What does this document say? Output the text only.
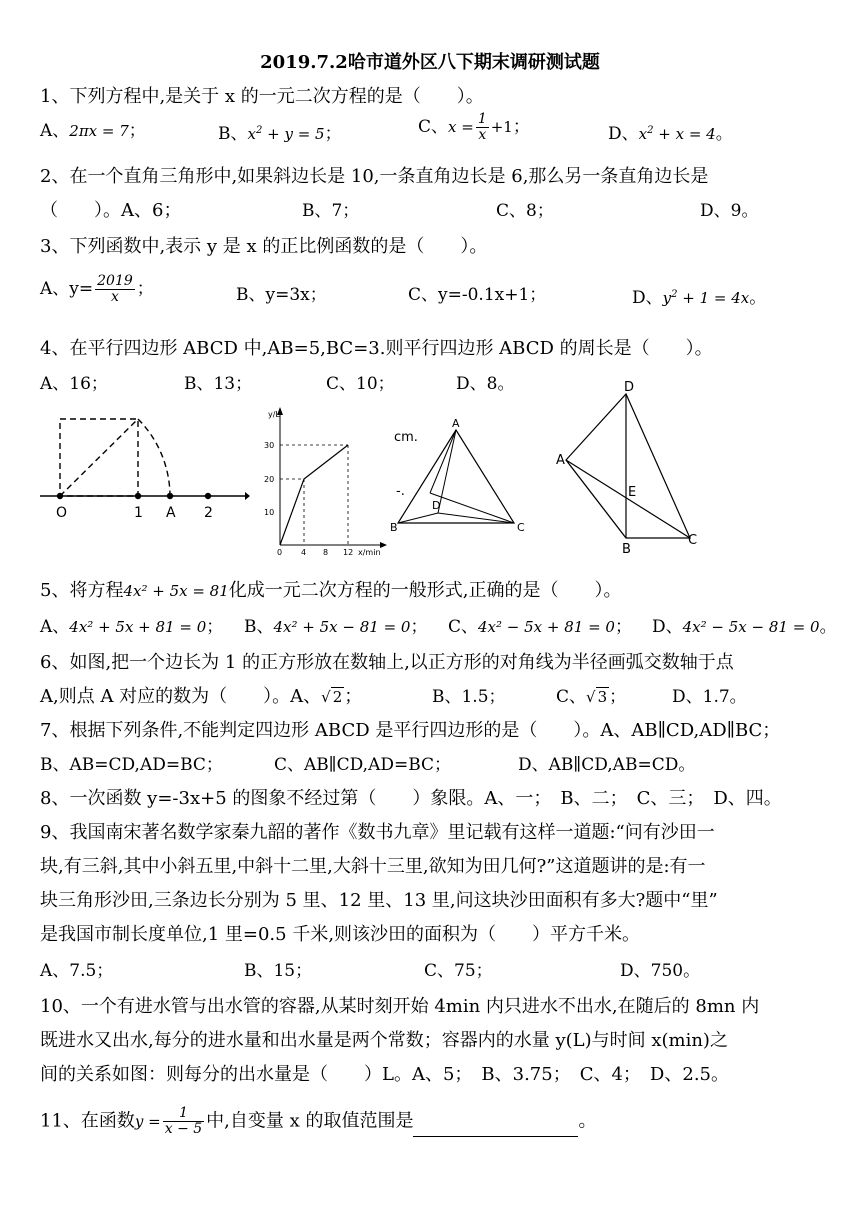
2019.7.2哈市道外区八下期末调研测试题
1、下列方程中,是关于 x 的一元二次方程的是（　　）。
A、2πx = 7；	B、$x^2 + y = 5$；	C、$x = \frac{1}{x} +1$；	D、$x^2 + x = 4$。
2、在一个直角三角形中,如果斜边长是 10,一条直角边长是 6,那么另一条直角边长是
（　　）。A、6；	B、7；	C、8；	D、9。
3、下列函数中,表示 y 是 x 的正比例函数的是（　　）。
A、$y= \frac{2019}{x}$ ；	B、y=3x；	C、y=-0.1x+1；	D、$y^2 + 1 = 4x$。
4、在平行四边形 ABCD 中,AB=5,BC=3.则平行四边形 ABCD 的周长是（　　）。
A、16；	B、13；	C、10；	D、8。
O	1 A 2
y/L
30
20
10
0 4 8 12 x/min
cm.
-.
A
B	C
D
D
A
E
B
C
5、将方程4x² + 5x = 81化成一元二次方程的一般形式,正确的是（　　）。
A、4x² + 5x + 81 = 0； B、4x² + 5x − 81 = 0； C、4x² − 5x + 81 = 0； D、4x² − 5x − 81 = 0。
6、如图,把一个边长为 1 的正方形放在数轴上,以正方形的对角线为半径画弧交数轴于点
A,则点 A 对应的数为（　　）。A、√ 2 ；	B、1.5；	C、√ 3 ；	D、1.7。
7、根据下列条件,不能判定四边形 ABCD 是平行四边形的是（　　）。A、AB∥CD,AD∥BC；
B、AB=CD,AD=BC；	C、AB∥CD,AD=BC；	D、AB∥CD,AB=CD。
8、一次函数 y=-3x+5 的图象不经过第（　　）象限。A、一；　B、二；　C、三；　D、四。
9、我国南宋著名数学家秦九韶的著作《数书九章》里记载有这样一道题:“问有沙田一
块,有三斜,其中小斜五里,中斜十二里,大斜十三里,欲知为田几何?”这道题讲的是:有一
块三角形沙田,三条边长分别为 5 里、12 里、13 里,问这块沙田面积有多大?题中“里”
是我国市制长度单位,1 里=0.5 千米,则该沙田的面积为（　　）平方千米。
A、7.5；	B、15；	C、75；	D、750。
10、一个有进水管与出水管的容器,从某时刻开始 4min 内只进水不出水,在随后的 8mn 内
既进水又出水,每分的进水量和出水量是两个常数；容器内的水量 y(L)与时间 x(min)之
间的关系如图：则每分的出水量是（　　）L。A、5；　B、3.75；　C、4；　D、2.5。
11、在函数$y = \frac{1}{x - 5}$ 中,自变量 x 的取值范围是	。
